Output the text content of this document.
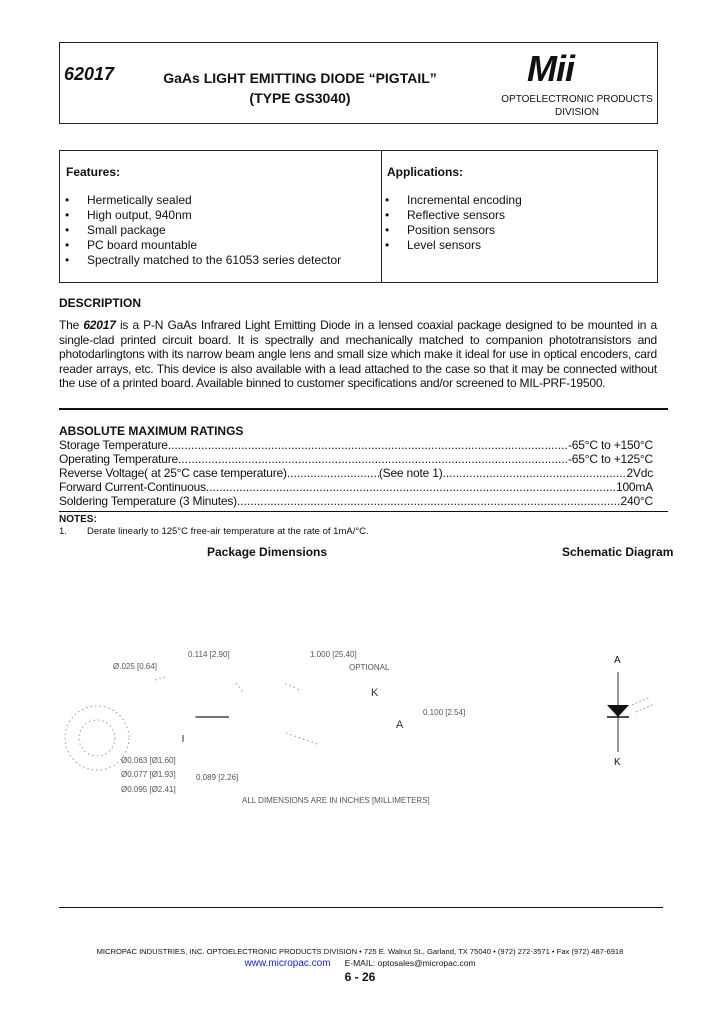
62017	GaAs LIGHT EMITTING DIODE “PIGTAIL”
(TYPE GS3040)
Mii
OPTOELECTRONIC PRODUCTS
DIVISION
Features:
• Hermetically sealed
• High output, 940nm
• Small package
• PC board mountable
• Spectrally matched to the 61053 series detector
Applications:
• Incremental encoding
• Reflective sensors
• Position sensors
• Level sensors
DESCRIPTION

The 62017 is a P-N GaAs Infrared Light Emitting Diode in a lensed coaxial package designed to be mounted in a single-clad printed circuit board. It is spectrally and mechanically matched to companion phototransistors and photodarlingtons with its narrow beam angle lens and small size which make it ideal for use in optical encoders, card reader arrays, etc. This device is also available with a lead attached to the case so that it may be connected without the use of a printed board. Available binned to customer specifications and/or screened to MIL-PRF-19500.

ABSOLUTE MAXIMUM RATINGS
Storage Temperature .....	-65°C to +150°C
Operating Temperature .....	-65°C to +125°C
Reverse Voltage( at 25°C case temperature) .....	(See note 1) .....	2Vdc
Forward Current-Continuous .....	100mA
Soldering Temperature (3 Minutes) .....	240°C
NOTES:
1. Derate linearly to 125°C free-air temperature at the rate of 1mA/°C.
Package Dimensions	Schematic Diagram
0.114 [2.90]	1.000 [25.40]
Ø.025 [0.64]	OPTIONAL
K
0.100 [2.54]
A
Ø0.063 [Ø1.60]
Ø0.077 [Ø1.93]
Ø0.095 [Ø2.41]
0.089 [2.26]
ALL DIMENSIONS ARE IN INCHES [MILLIMETERS]
A
K
MICROPAC INDUSTRIES, INC. OPTOELECTRONIC PRODUCTS DIVISION • 725 E. Walnut St., Garland, TX 75040 • (972) 272-3571 • Fax (972) 487-6918
www.micropac.com E-MAIL: optosales@micropac.com
6 - 26
